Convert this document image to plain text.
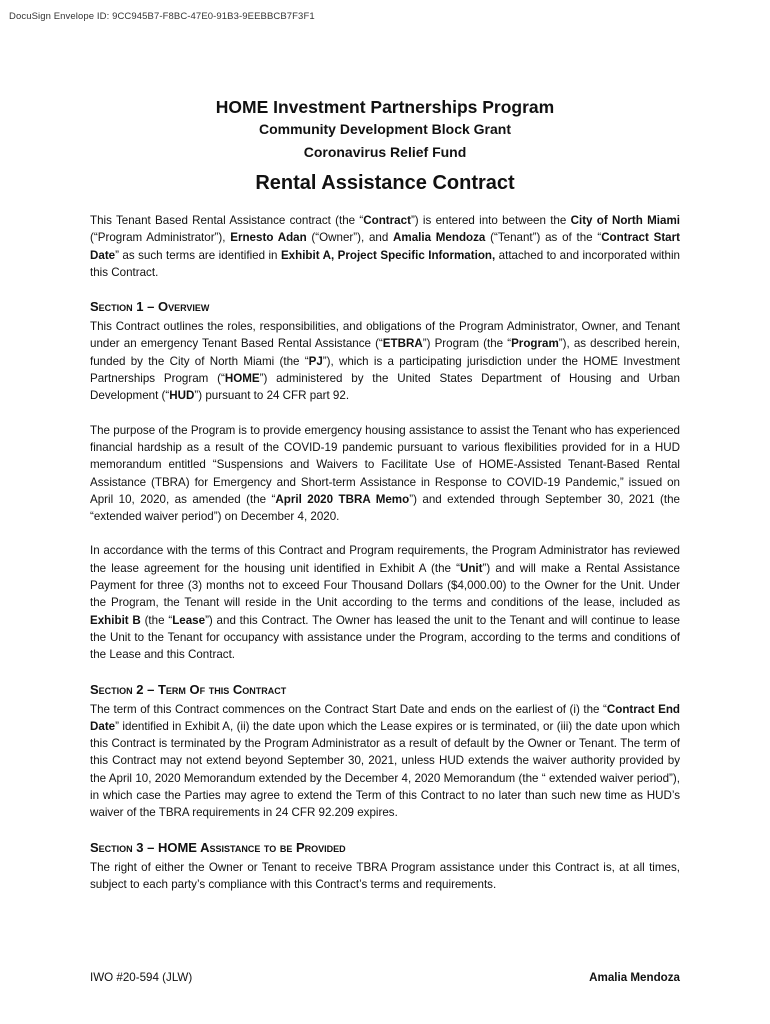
DocuSign Envelope ID: 9CC945B7-F8BC-47E0-91B3-9EEBBCB7F3F1
HOME Investment Partnerships Program
Community Development Block Grant
Coronavirus Relief Fund
Rental Assistance Contract

This Tenant Based Rental Assistance contract (the “Contract”) is entered into between the City of North Miami (“Program Administrator”), Ernesto Adan (“Owner”), and Amalia Mendoza (“Tenant”) as of the “Contract Start Date” as such terms are identified in Exhibit A, Project Specific Information, attached to and incorporated within this Contract.

Section 1 – Overview

This Contract outlines the roles, responsibilities, and obligations of the Program Administrator, Owner, and Tenant under an emergency Tenant Based Rental Assistance (“ETBRA”) Program (the “Program”), as described herein, funded by the City of North Miami (the “PJ”), which is a participating jurisdiction under the HOME Investment Partnerships Program (“HOME”) administered by the United States Department of Housing and Urban Development (“HUD”) pursuant to 24 CFR part 92.

The purpose of the Program is to provide emergency housing assistance to assist the Tenant who has experienced financial hardship as a result of the COVID-19 pandemic pursuant to various flexibilities provided for in a HUD memorandum entitled “Suspensions and Waivers to Facilitate Use of HOME-Assisted Tenant-Based Rental Assistance (TBRA) for Emergency and Short-term Assistance in Response to COVID-19 Pandemic,” issued on April 10, 2020, as amended (the “April 2020 TBRA Memo”) and extended through September 30, 2021 (the “extended waiver period”) on December 4, 2020.

In accordance with the terms of this Contract and Program requirements, the Program Administrator has reviewed the lease agreement for the housing unit identified in Exhibit A (the “Unit”) and will make a Rental Assistance Payment for three (3) months not to exceed Four Thousand Dollars ($4,000.00) to the Owner for the Unit. Under the Program, the Tenant will reside in the Unit according to the terms and conditions of the lease, included as Exhibit B (the “Lease”) and this Contract. The Owner has leased the unit to the Tenant and will continue to lease the Unit to the Tenant for occupancy with assistance under the Program, according to the terms and conditions of the Lease and this Contract.

Section 2 – Term Of this Contract

The term of this Contract commences on the Contract Start Date and ends on the earliest of (i) the “Contract End Date” identified in Exhibit A, (ii) the date upon which the Lease expires or is terminated, or (iii) the date upon which this Contract is terminated by the Program Administrator as a result of default by the Owner or Tenant. The term of this Contract may not extend beyond September 30, 2021, unless HUD extends the waiver authority provided by the April 10, 2020 Memorandum extended by the December 4, 2020 Memorandum (the “ extended waiver period”), in which case the Parties may agree to extend the Term of this Contract to no later than such new time as HUD’s waiver of the TBRA requirements in 24 CFR 92.209 expires.

Section 3 – HOME Assistance to be Provided

The right of either the Owner or Tenant to receive TBRA Program assistance under this Contract is, at all times, subject to each party’s compliance with this Contract’s terms and requirements.

IWO #20-594 (JLW)	Amalia Mendoza
